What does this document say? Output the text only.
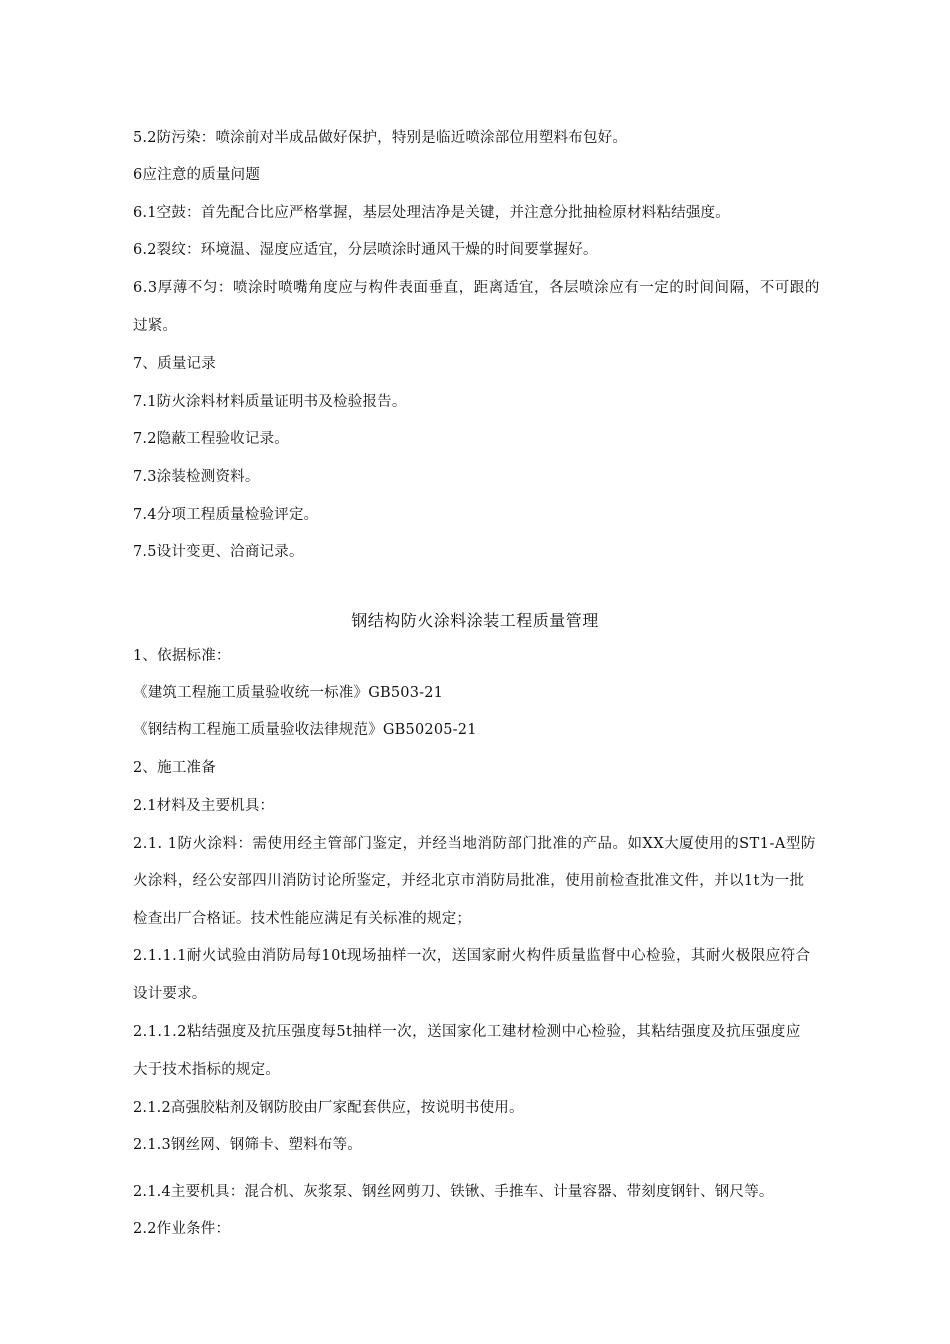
5.2防污染：喷涂前对半成品做好保护，特别是临近喷涂部位用塑料布包好。
6应注意的质量问题
6.1空鼓：首先配合比应严格掌握，基层处理洁净是关键，并注意分批抽检原材料粘结强度。
6.2裂纹：环境温、湿度应适宜，分层喷涂时通风干燥的时间要掌握好。
6.3厚薄不匀：喷涂时喷嘴角度应与构件表面垂直，距离适宜，各层喷涂应有一定的时间间隔，不可跟的
过紧。
7、质量记录
7.1防火涂料材料质量证明书及检验报告。
7.2隐蔽工程验收记录。
7.3涂装检测资料。
7.4分项工程质量检验评定。
7.5设计变更、洽商记录。
钢结构防火涂料涂装工程质量管理
1、依据标准：
《建筑工程施工质量验收统一标准》GB503-21
《钢结构工程施工质量验收法律规范》GB50205-21
2、施工准备
2.1材料及主要机具：
2.1. 1防火涂料：需使用经主管部门鉴定，并经当地消防部门批准的产品。如XX大厦使用的ST1-A型防
火涂料，经公安部四川消防讨论所鉴定，并经北京市消防局批准，使用前检查批准文件，并以1t为一批
检查出厂合格证。技术性能应满足有关标准的规定；
2.1.1.1耐火试验由消防局每10t现场抽样一次，送国家耐火构件质量监督中心检验，其耐火极限应符合
设计要求。
2.1.1.2粘结强度及抗压强度每5t抽样一次，送国家化工建材检测中心检验，其粘结强度及抗压强度应
大于技术指标的规定。
2.1.2高强胶粘剂及钢防胶由厂家配套供应，按说明书使用。
2.1.3钢丝网、钢筛卡、塑料布等。
2.1.4主要机具：混合机、灰浆泵、钢丝网剪刀、铁锹、手推车、计量容器、带刻度钢针、钢尺等。
2.2作业条件：
